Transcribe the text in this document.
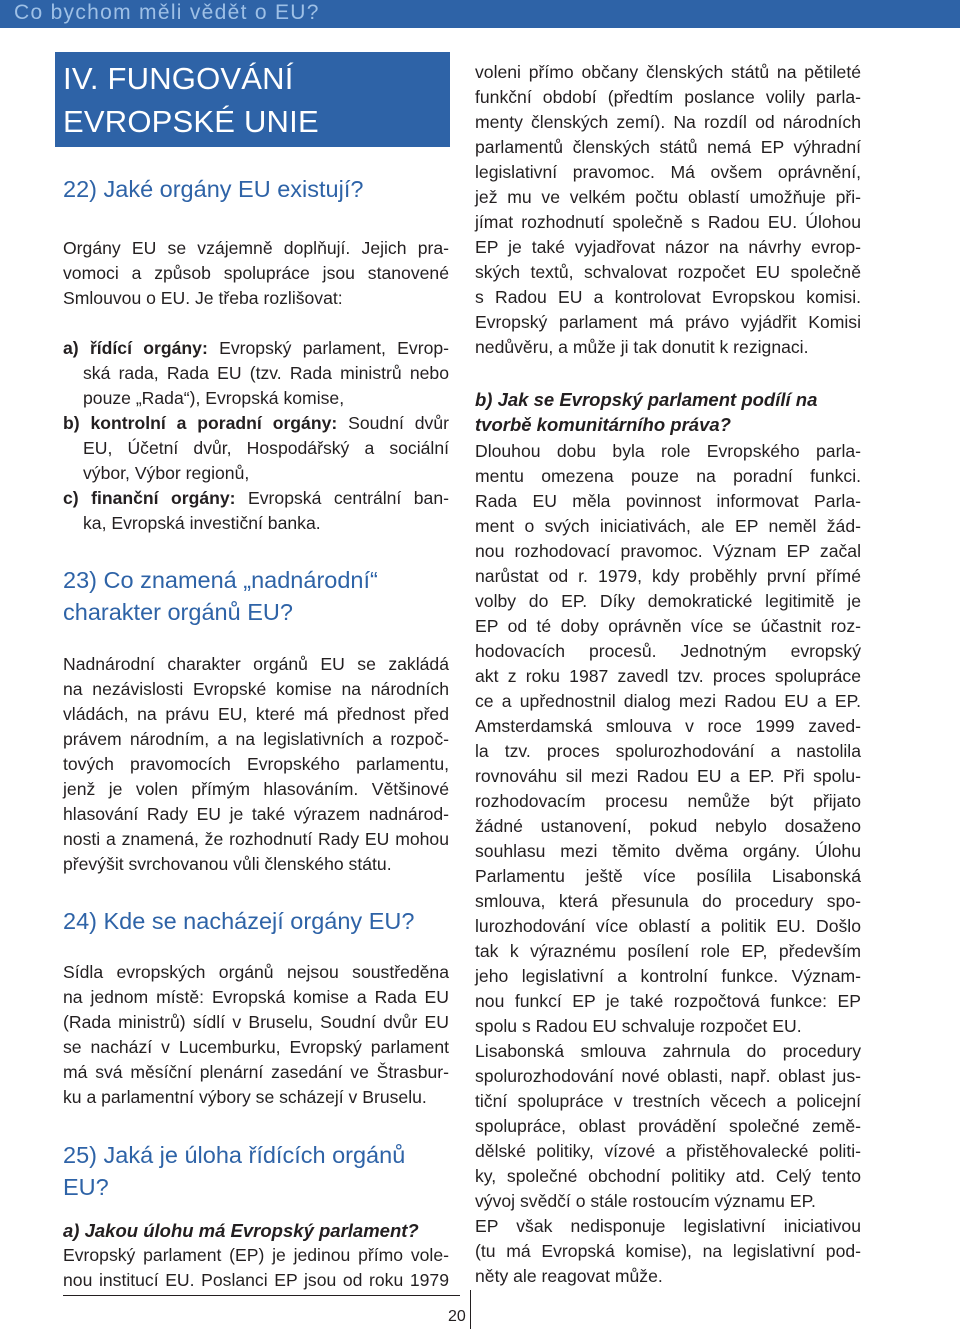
Co bychom měli vědět o EU?
IV. FUNGOVÁNÍ
EVROPSKÉ UNIE
22) Jaké orgány EU existují?
Orgány EU se vzájemně doplňují. Jejich pra-
vomoci a způsob spolupráce jsou stanovené
Smlouvou o EU. Je třeba rozlišovat:
a) řídící orgány: Evropský parlament, Evrop-
ská rada, Rada EU (tzv. Rada ministrů nebo
pouze „Rada“), Evropská komise,
b) kontrolní a poradní orgány: Soudní dvůr
EU, Účetní dvůr, Hospodářský a sociální
výbor, Výbor regionů,
c) finanční orgány: Evropská centrální ban-
ka, Evropská investiční banka.
23) Co znamená „nadnárodní“
charakter orgánů EU?
Nadnárodní charakter orgánů EU se zakládá
na nezávislosti Evropské komise na národních
vládách, na právu EU, které má přednost před
právem národním, a na legislativních a rozpoč-
tových pravomocích Evropského parlamentu,
jenž je volen přímým hlasováním. Většinové
hlasování Rady EU je také výrazem nadnárod-
nosti a znamená, že rozhodnutí Rady EU mohou
převýšit svrchovanou vůli členského státu.
24) Kde se nacházejí orgány EU?
Sídla evropských orgánů nejsou soustředěna
na jednom místě: Evropská komise a Rada EU
(Rada ministrů) sídlí v Bruselu, Soudní dvůr EU
se nachází v Lucemburku, Evropský parlament
má svá měsíční plenární zasedání ve Štrasbur-
ku a parlamentní výbory se scházejí v Bruselu.
25) Jaká je úloha řídících orgánů
EU?
a) Jakou úlohu má Evropský parlament?
Evropský parlament (EP) je jedinou přímo vole-
nou institucí EU. Poslanci EP jsou od roku 1979
voleni přímo občany členských států na pětileté
funkční období (předtím poslance volily parla-
menty členských zemí). Na rozdíl od národních
parlamentů členských států nemá EP výhradní
legislativní pravomoc. Má ovšem oprávnění,
jež mu ve velkém počtu oblastí umožňuje při-
jímat rozhodnutí společně s Radou EU. Úlohou
EP je také vyjadřovat názor na návrhy evrop-
ských textů, schvalovat rozpočet EU společně
s Radou EU a kontrolovat Evropskou komisi.
Evropský parlament má právo vyjádřit Komisi
nedůvěru, a může ji tak donutit k rezignaci.
b) Jak se Evropský parlament podílí na
tvorbě komunitárního práva?
Dlouhou dobu byla role Evropského parla-
mentu omezena pouze na poradní funkci.
Rada EU měla povinnost informovat Parla-
ment o svých iniciativách, ale EP neměl žád-
nou rozhodovací pravomoc. Význam EP začal
narůstat od r. 1979, kdy proběhly první přímé
volby do EP. Díky demokratické legitimitě je
EP od té doby oprávněn více se účastnit roz-
hodovacích procesů. Jednotným evropský
akt z roku 1987 zavedl tzv. proces spolupráce
ce a upřednostnil dialog mezi Radou EU a EP.
Amsterdamská smlouva v roce 1999 zaved-
la tzv. proces spolurozhodování a nastolila
rovnováhu sil mezi Radou EU a EP. Při spolu-
rozhodovacím procesu nemůže být přijato
žádné ustanovení, pokud nebylo dosaženo
souhlasu mezi těmito dvěma orgány. Úlohu
Parlamentu ještě více posílila Lisabonská
smlouva, která přesunula do procedury spo-
lurozhodování více oblastí a politik EU. Došlo
tak k výraznému posílení role EP, především
jeho legislativní a kontrolní funkce. Význam-
nou funkcí EP je také rozpočtová funkce: EP
spolu s Radou EU schvaluje rozpočet EU.
Lisabonská smlouva zahrnula do procedury
spolurozhodování nové oblasti, např. oblast jus-
tiční spolupráce v trestních věcech a policejní
spolupráce, oblast provádění společné země-
dělské politiky, vízové a přistěhovalecké politi-
ky, společné obchodní politiky atd. Celý tento
vývoj svědčí o stále rostoucím významu EP.
EP však nedisponuje legislativní iniciativou
(tu má Evropská komise), na legislativní pod-
něty ale reagovat může.
20
